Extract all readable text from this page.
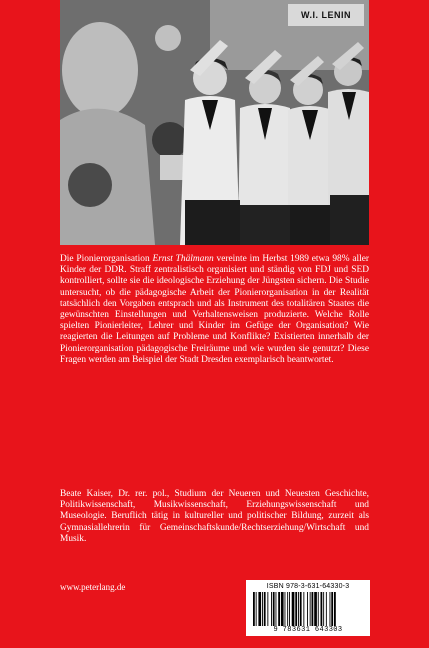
W.I. LENIN

Die Pionierorganisation Ernst Thälmann vereinte im Herbst 1989 etwa 98% aller Kinder der DDR. Straff zentralistisch organisiert und ständig von FDJ und SED kontrolliert, sollte sie die ideologische Erziehung der Jüngsten sichern. Die Studie untersucht, ob die pädagogische Arbeit der Pionierorganisation in der Realität tatsächlich den Vorgaben entsprach und als Instrument des totalitären Staates die gewünschten Einstellungen und Verhaltensweisen produzierte. Welche Rolle spielten Pionierleiter, Lehrer und Kinder im Gefüge der Organisation? Wie reagierten die Leitungen auf Probleme und Konflikte? Existierten innerhalb der Pionierorganisation pädagogische Freiräume und wie wurden sie genutzt? Diese Fragen werden am Beispiel der Stadt Dresden exemplarisch beantwortet.

Beate Kaiser, Dr. rer. pol., Studium der Neueren und Neuesten Geschichte, Politikwissenschaft, Musikwissenschaft, Erziehungswissenschaft und Museologie. Beruflich tätig in kultureller und politischer Bildung, zurzeit als Gymnasiallehrerin für Gemeinschaftskunde/Rechtserziehung/Wirtschaft und Musik.

www.peterlang.de	ISBN 978-3-631-64330-3
9 783631 643303
